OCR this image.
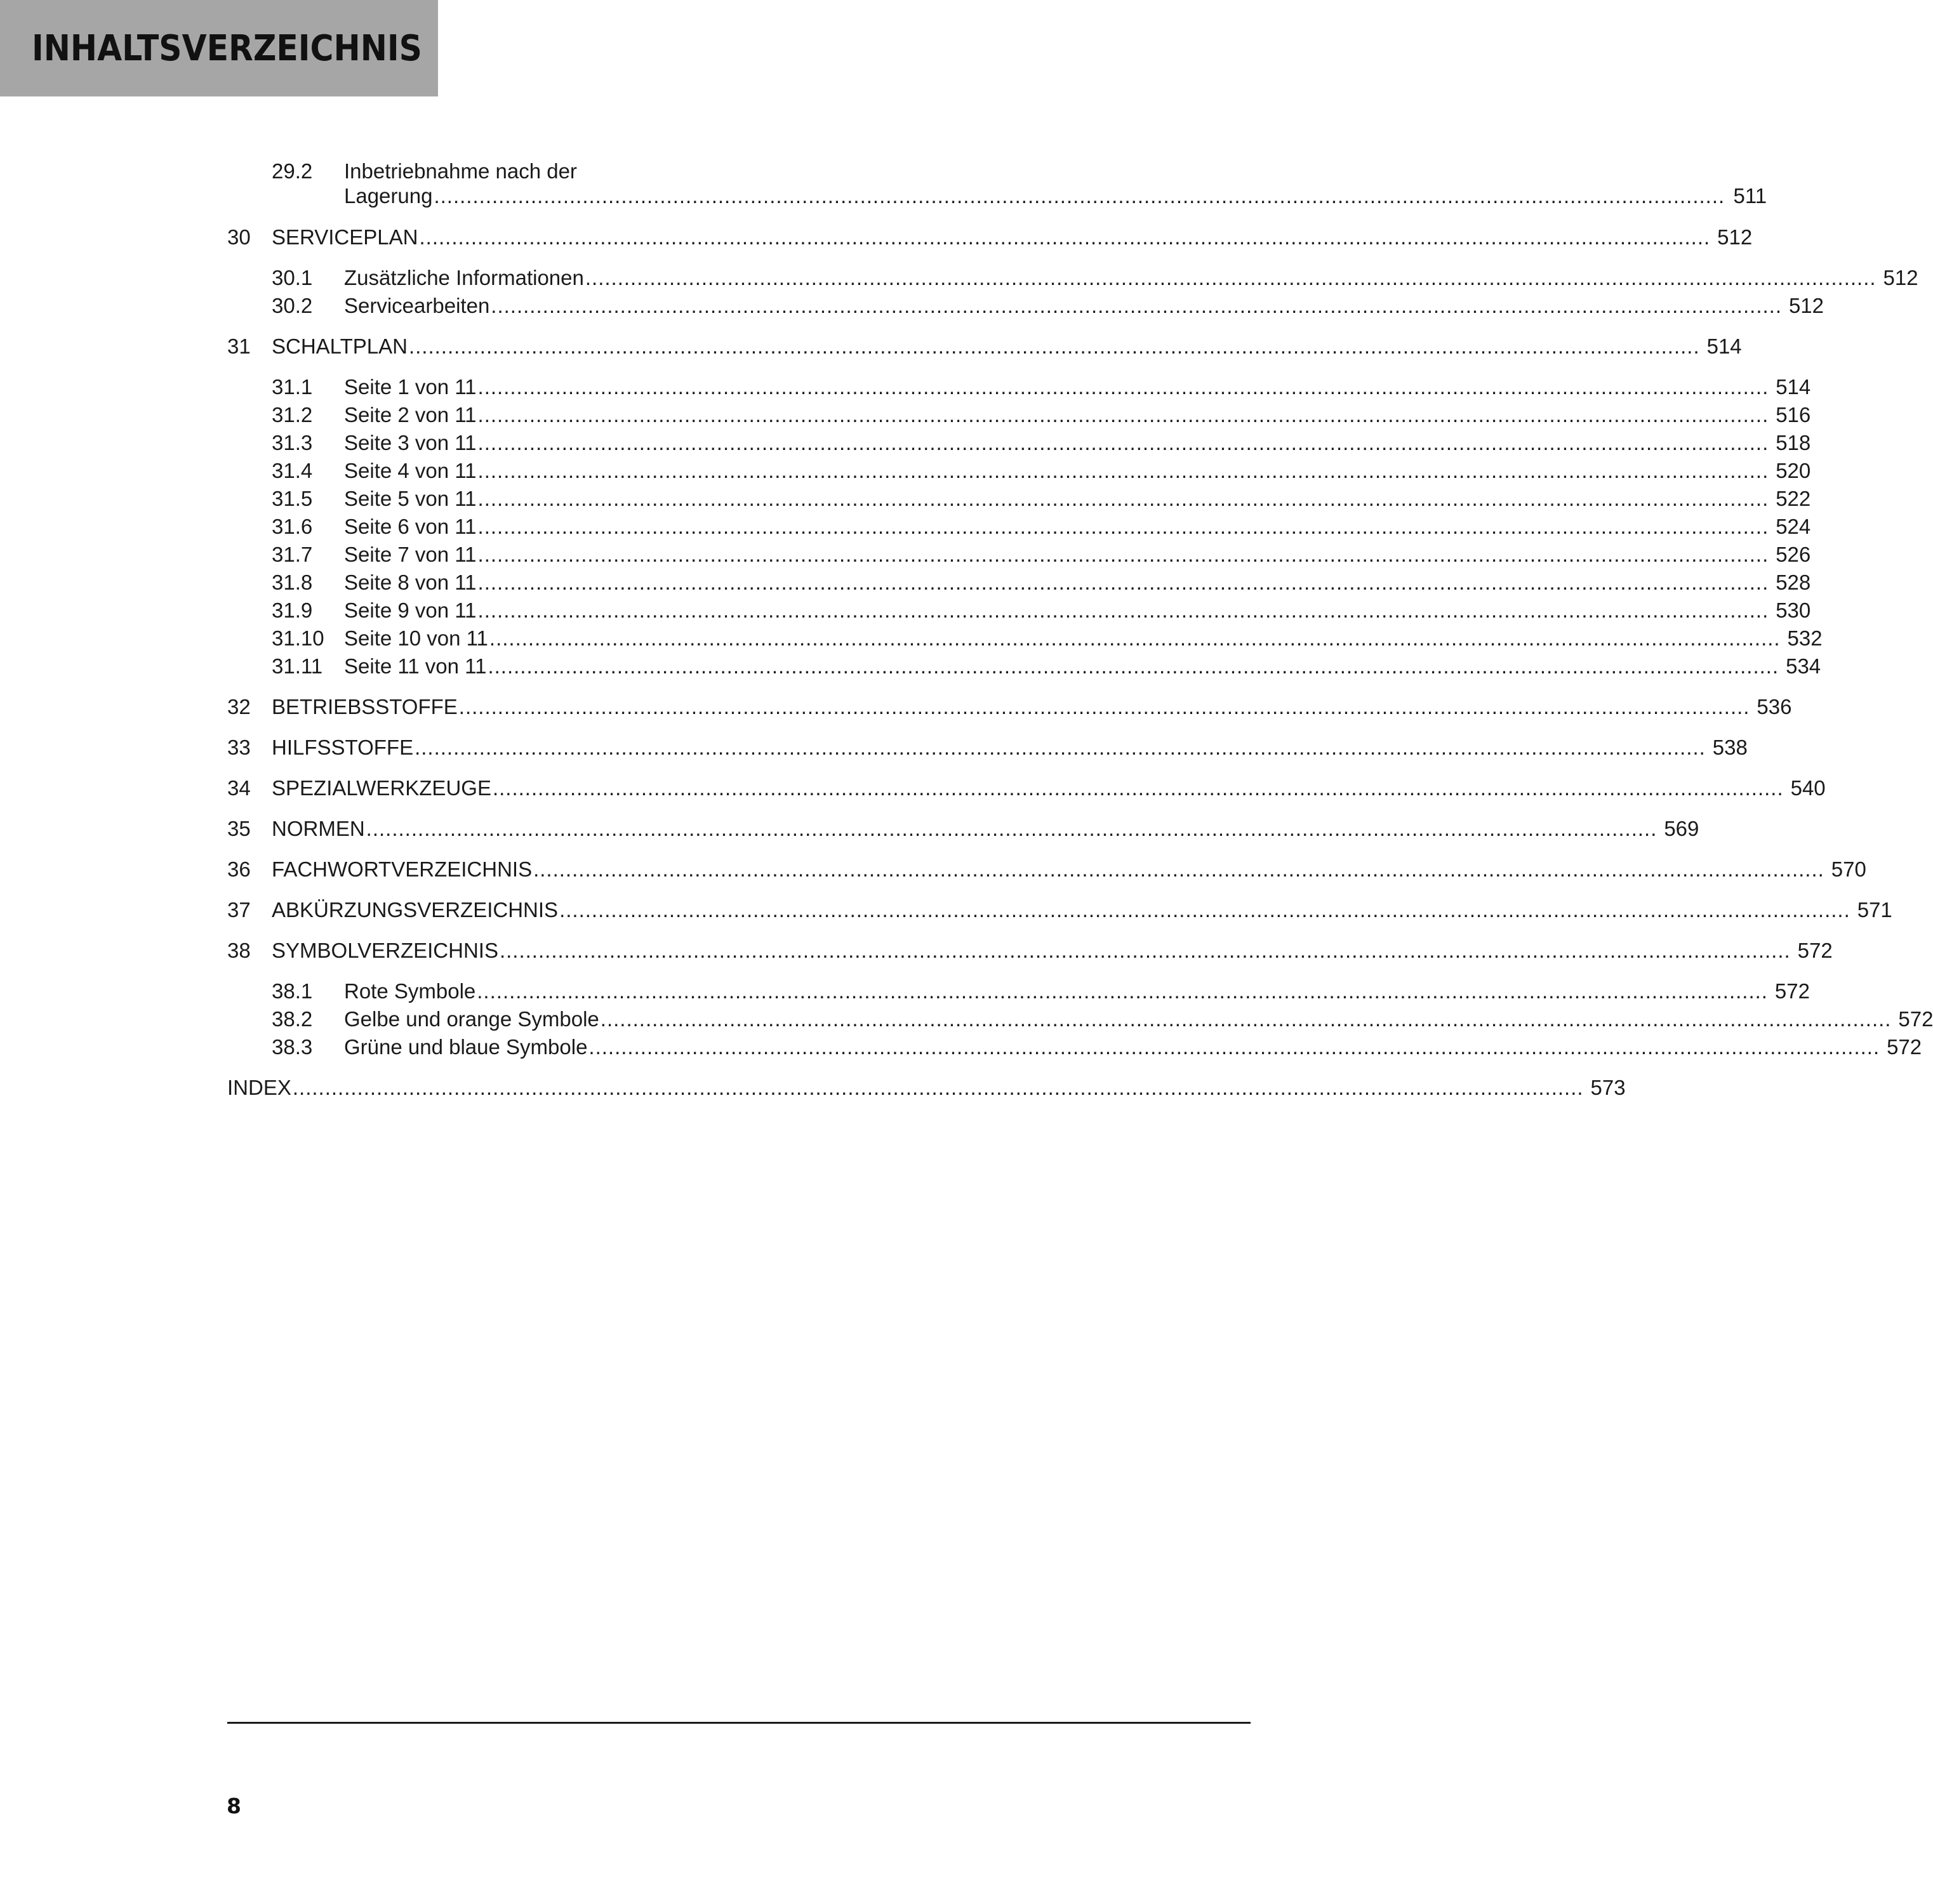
INHALTSVERZEICHNIS
29.2 Inbetriebnahme nach der
Lagerung ........................................................................................................................................................................................................ 511
30 SERVICEPLAN ........................................................................................................................................................................................................ 512
30.1 Zusätzliche Informationen ........................................................................................................................................................................................................ 512
30.2 Servicearbeiten ........................................................................................................................................................................................................ 512
31 SCHALTPLAN ........................................................................................................................................................................................................ 514
31.1 Seite 1 von 11 ........................................................................................................................................................................................................ 514
31.2 Seite 2 von 11 ........................................................................................................................................................................................................ 516
31.3 Seite 3 von 11 ........................................................................................................................................................................................................ 518
31.4 Seite 4 von 11 ........................................................................................................................................................................................................ 520
31.5 Seite 5 von 11 ........................................................................................................................................................................................................ 522
31.6 Seite 6 von 11 ........................................................................................................................................................................................................ 524
31.7 Seite 7 von 11 ........................................................................................................................................................................................................ 526
31.8 Seite 8 von 11 ........................................................................................................................................................................................................ 528
31.9 Seite 9 von 11 ........................................................................................................................................................................................................ 530
31.10 Seite 10 von 11 ........................................................................................................................................................................................................ 532
31.11 Seite 11 von 11 ........................................................................................................................................................................................................ 534
32 BETRIEBSSTOFFE ........................................................................................................................................................................................................ 536
33 HILFSSTOFFE ........................................................................................................................................................................................................ 538
34 SPEZIALWERKZEUGE ........................................................................................................................................................................................................ 540
35 NORMEN ........................................................................................................................................................................................................ 569
36 FACHWORTVERZEICHNIS ........................................................................................................................................................................................................ 570
37 ABKÜRZUNGSVERZEICHNIS ........................................................................................................................................................................................................ 571
38 SYMBOLVERZEICHNIS ........................................................................................................................................................................................................ 572
38.1 Rote Symbole ........................................................................................................................................................................................................ 572
38.2 Gelbe und orange Symbole ........................................................................................................................................................................................................ 572
38.3 Grüne und blaue Symbole ........................................................................................................................................................................................................ 572
INDEX ........................................................................................................................................................................................................ 573
8
